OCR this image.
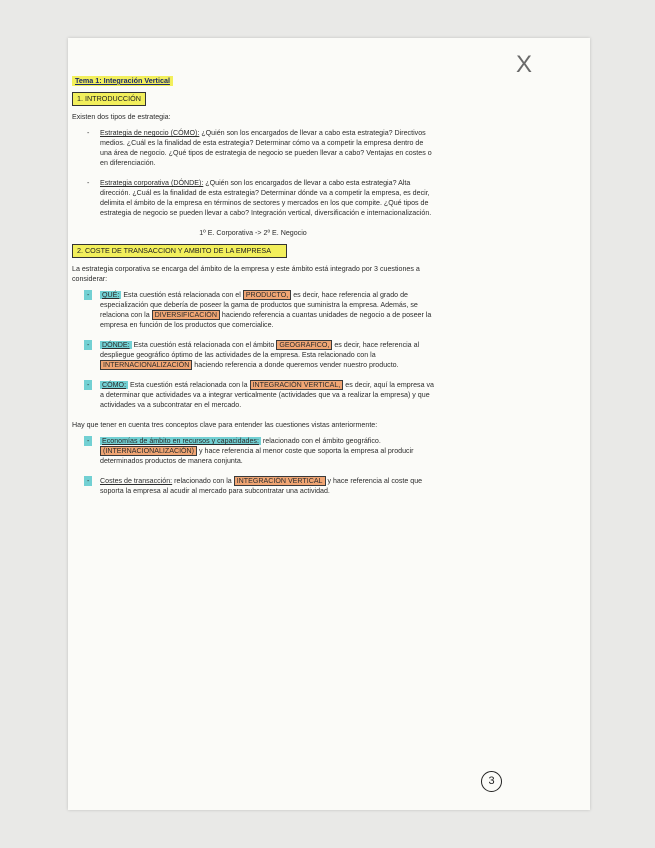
X
Tema 1: Integración Vertical
1. INTRODUCCIÓN

Existen dos tipos de estrategia:

- Estrategia de negocio (CÓMO): ¿Quién son los encargados de llevar a cabo esta estrategia? Directivos medios. ¿Cuál es la finalidad de esta estrategia? Determinar cómo va a competir la empresa dentro de una área de negocio. ¿Qué tipos de estrategia de negocio se pueden llevar a cabo? Ventajas en costes o en diferenciación.
- Estrategia corporativa (DÓNDE): ¿Quién son los encargados de llevar a cabo esta estrategia? Alta dirección. ¿Cuál es la finalidad de esta estrategia? Determinar dónde va a competir la empresa, es decir, delimita el ámbito de la empresa en términos de sectores y mercados en los que compite. ¿Qué tipos de estrategia de negocio se pueden llevar a cabo? Integración vertical, diversificación e internacionalización.
1º E. Corporativa -> 2º E. Negocio
2. COSTE DE TRANSACCION Y AMBITO DE LA EMPRESA

La estrategia corporativa se encarga del ámbito de la empresa y este ámbito está integrado por 3 cuestiones a considerar:

-	QUÉ: Esta cuestión está relacionada con el PRODUCTO, es decir, hace referencia al grado de especialización que debería de poseer la gama de productos que suministra la empresa. Además, se relaciona con la DIVERSIFICACIÓN haciendo referencia a cuantas unidades de negocio a de poseer la empresa en función de los productos que comercialice.
-	DÓNDE: Esta cuestión está relacionada con el ámbito GEOGRÁFICO, es decir, hace referencia al despliegue geográfico óptimo de las actividades de la empresa. Esta relacionado con la INTERNACIONALIZACIÓN haciendo referencia a donde queremos vender nuestro producto.
-	CÓMO: Esta cuestión está relacionada con la INTEGRACIÓN VERTICAL, es decir, aquí la empresa va a determinar que actividades va a integrar verticalmente (actividades que va a realizar la empresa) y que actividades va a subcontratar en el mercado.

Hay que tener en cuenta tres conceptos clave para entender las cuestiones vistas anteriormente:

-	Economías de ámbito en recursos y capacidades: relacionado con el ámbito geográfico. (INTERNACIONALIZACIÓN) y hace referencia al menor coste que soporta la empresa al producir determinados productos de manera conjunta.
-	Costes de transacción: relacionado con la INTEGRACIÓN VERTICAL y hace referencia al coste que soporta la empresa al acudir al mercado para subcontratar una actividad.
3
